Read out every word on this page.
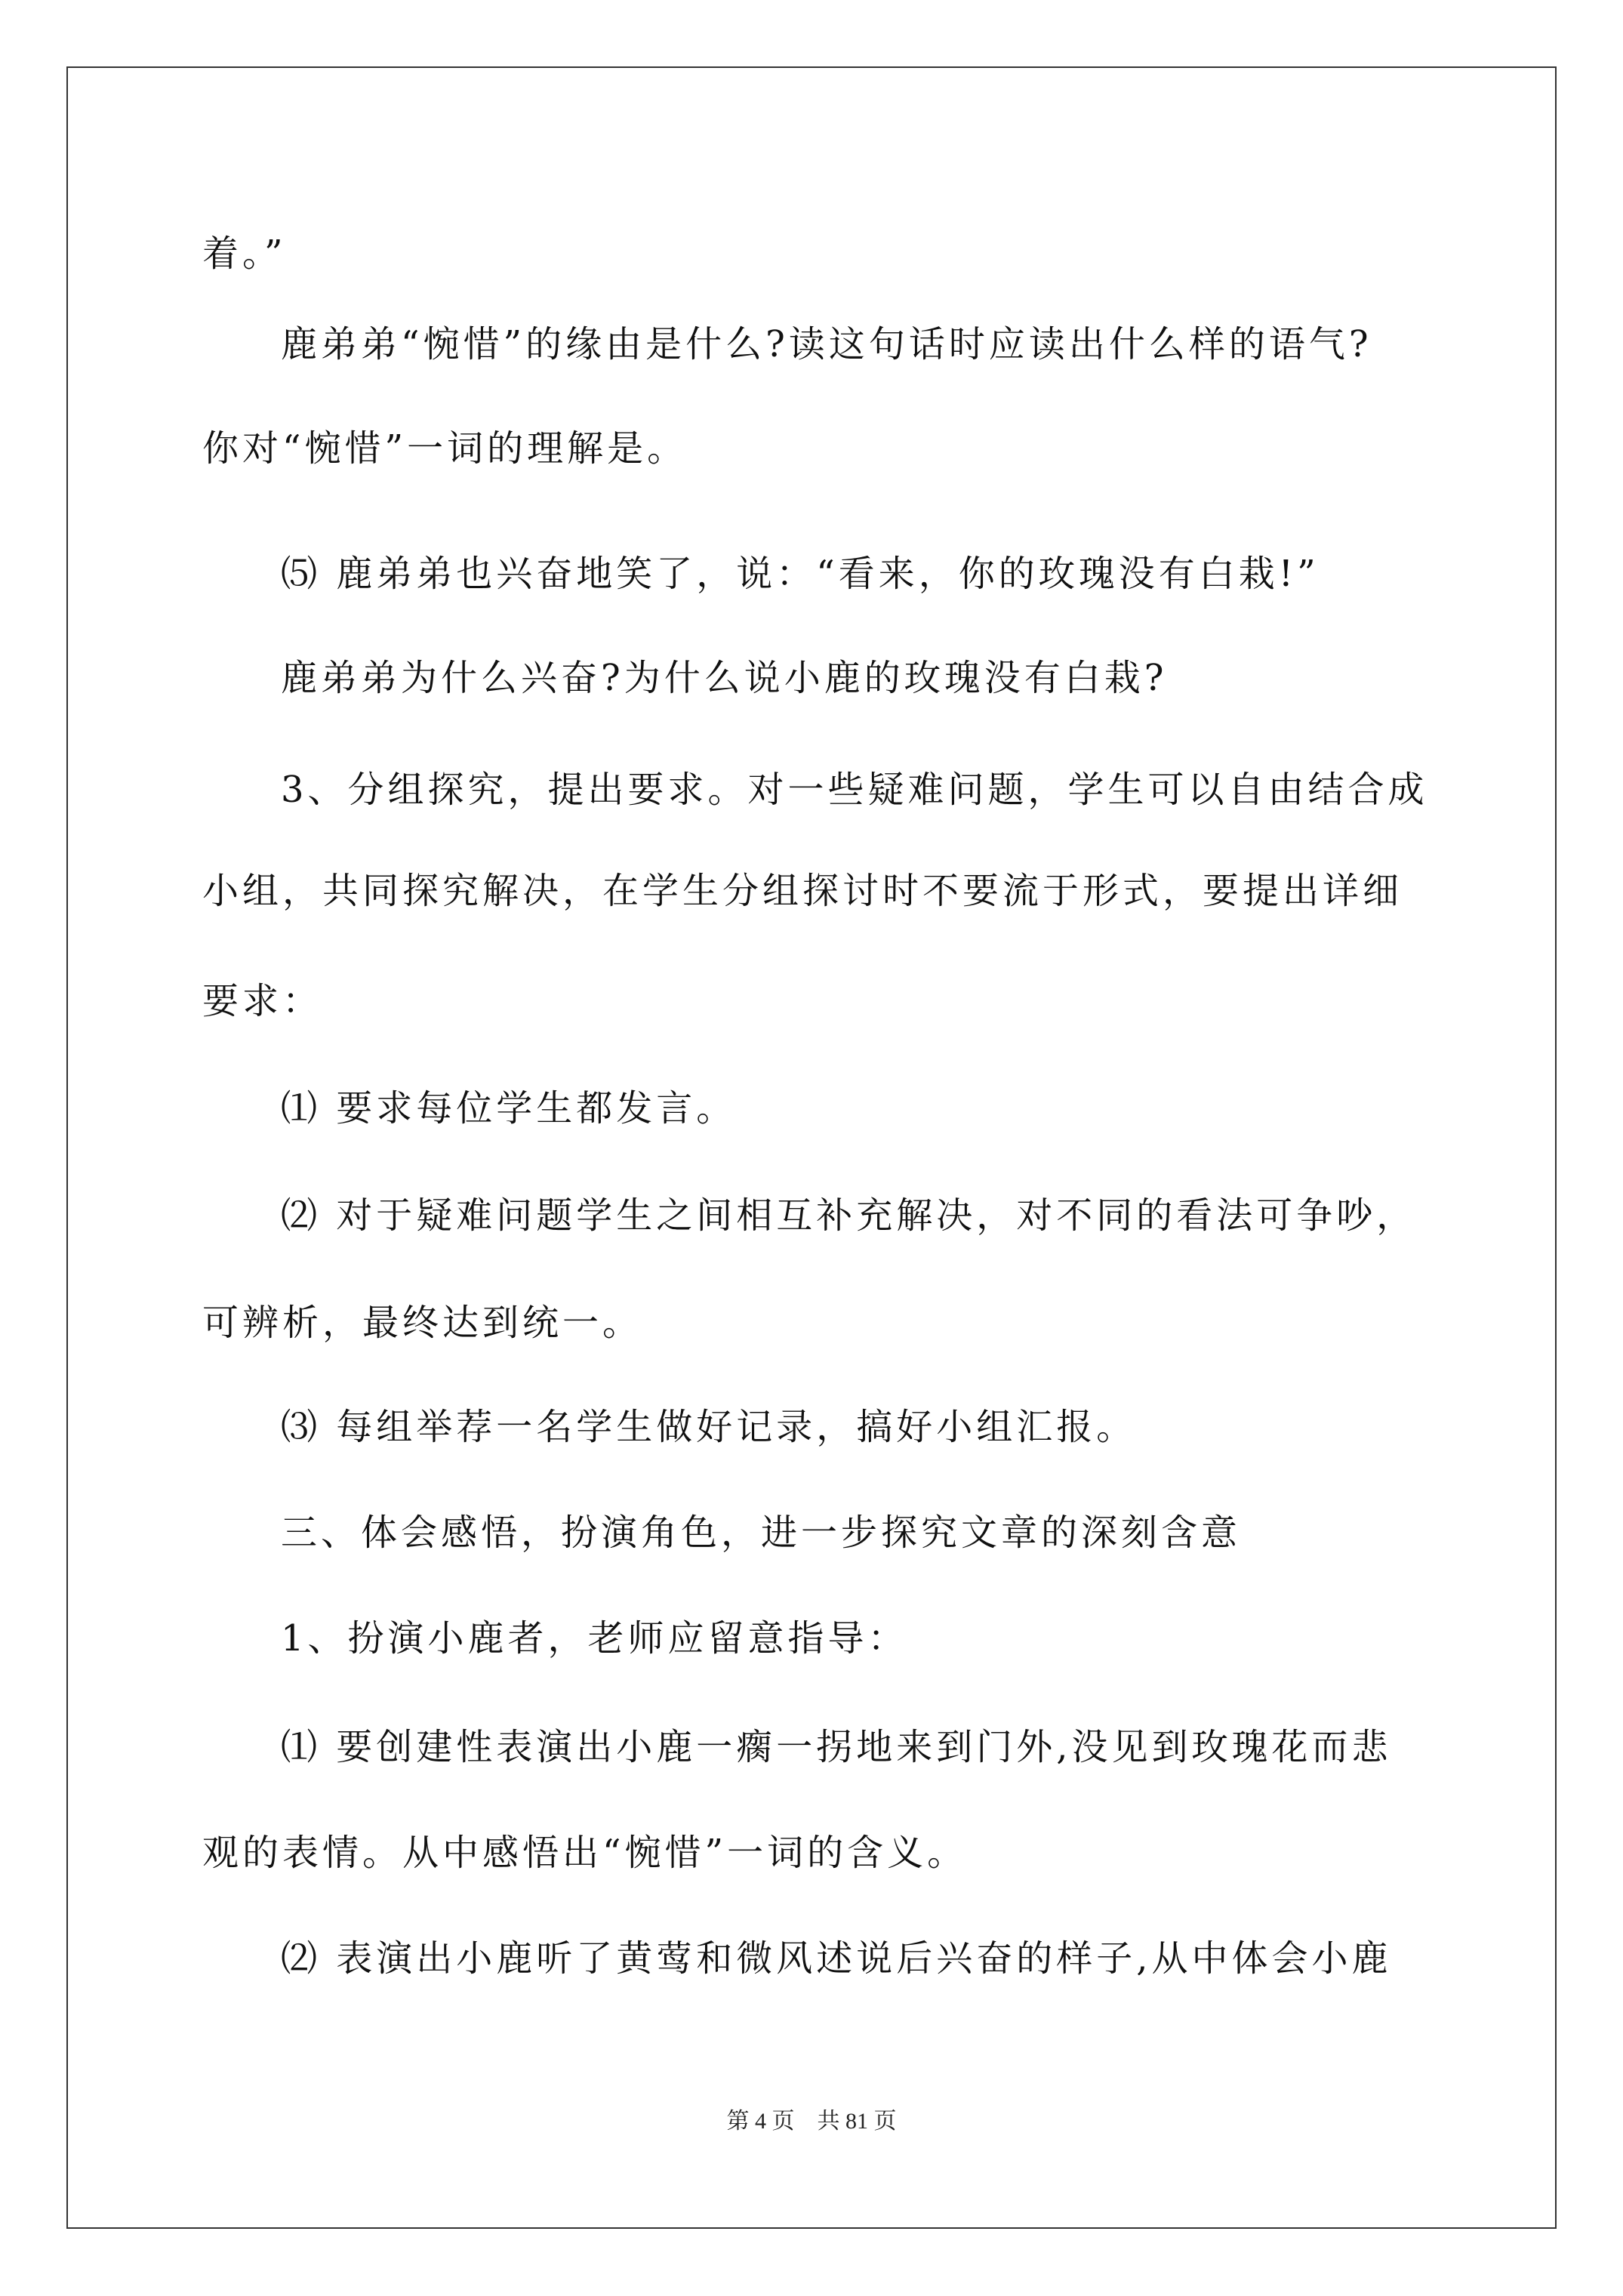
着。”
鹿弟弟“惋惜”的缘由是什么?读这句话时应读出什么样的语气?
你对“惋惜”一词的理解是。
⑸ 鹿弟弟也兴奋地笑了，说：“看来，你的玫瑰没有白栽!”
鹿弟弟为什么兴奋?为什么说小鹿的玫瑰没有白栽?
3、分组探究，提出要求。对一些疑难问题，学生可以自由结合成
小组，共同探究解决，在学生分组探讨时不要流于形式，要提出详细
要求：
⑴ 要求每位学生都发言。
⑵ 对于疑难问题学生之间相互补充解决，对不同的看法可争吵，
可辨析，最终达到统一。
⑶ 每组举荐一名学生做好记录，搞好小组汇报。
三、体会感悟，扮演角色，进一步探究文章的深刻含意
1、扮演小鹿者，老师应留意指导：
⑴ 要创建性表演出小鹿一瘸一拐地来到门外,没见到玫瑰花而悲
观的表情。从中感悟出“惋惜”一词的含义。
⑵ 表演出小鹿听了黄莺和微风述说后兴奋的样子,从中体会小鹿
第 4 页 共 81 页
